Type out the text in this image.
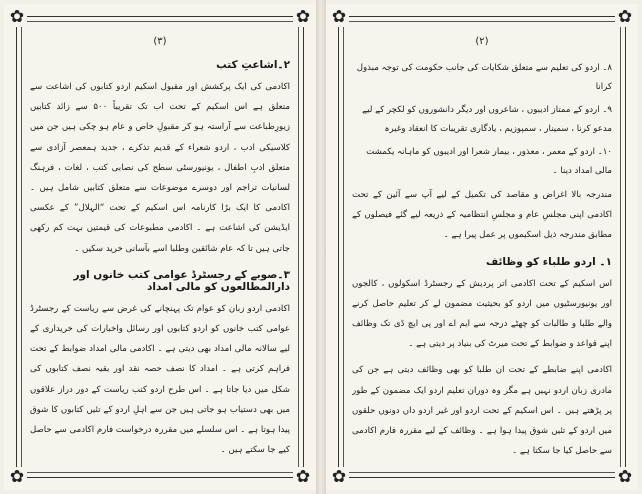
✿	✿
✿	✿
(۳)
۲۔اشاعتِ کتب

اکادمی کی ایک پرکشش اور مقبول اسکیم اردو کتابوں کی اشاعت سے متعلق ہے اس اسکیم کے تحت اب تک تقریباً ۵۰۰ سے زائد کتابیں زیورِطباعت سے آراستہ ہو کر مقبولِ خاص و عام ہو چکی ہیں جن میں کلاسیکی ادب ، اردو شعراء کے قدیم تذکرے ، جدید ہمعصر آزادی سے متعلق ادبِ اطفال ، یونیورسٹی سطح کی نصابی کتب ، لغات ، فرہنگ لسانیات تراجم اور دوسرے موضوعات سے متعلق کتابیں شامل ہیں ۔ اکادمی کا ایک بڑا کارنامہ اس اسکیم کے تحت “الہلال” کے عکسی ایڈیشن کی اشاعت ہے ۔ اکادمی مطبوعات کی قیمتیں بہت کم رکھی جاتی ہیں تا کہ عام شائقین وطلبا اسے بآسانی خرید سکیں ۔

۳۔صوبے کے رجسٹرڈ عوامی کتب خانوں اور دارالمطالعوں کو مالی امداد

اکادمی اردو زبان کو عوام تک پہنچانے کی غرض سے ریاست کے رجسٹرڈ عوامی کتب خانوں کو اردو کتابوں اور رسائل واخبارات کی خریداری کے لیے سالانہ مالی امداد بھی دیتی ہے ۔ اکادمی مالی امداد ضوابط کے تحت فراہم کرتی ہے ۔ امداد کا نصف حصہ نقد اور بقیہ نصف کتابوں کی شکل میں دیا جاتا ہے ۔ اس طرح اردو کتب ریاست کے دور دراز علاقوں میں بھی دستیاب ہو جاتی ہیں جن سے اہلِ اردو کے تئیں کتابوں کا شوق پیدا ہوتا ہے ۔ اس سلسلے میں مقررہ درخواست فارم اکادمی سے حاصل کیے جا سکتے ہیں ۔

✿	✿
✿	✿
(۲)

۸۔ اردو کی تعلیم سے متعلق شکایات کی جانب حکومت کی توجہ مبذول کرانا

۹۔ اردو کے ممتاز ادیبوں ، شاعروں اور دیگر دانشوروں کو لکچر کے لیے مدعو کرنا ، سمینار ، سمپوزیم ، یادگاری تقریبات کا انعقاد وغیرہ

۱۰۔ اردو کے معمر ، معذور ، بیمار شعرا اور ادیبوں کو ماہانہ یکمشت مالی امداد دینا ۔

مندرجہ بالا اغراض و مقاصد کی تکمیل کے لیے آپ سے آئین کے تحت اکادمی اپنی مجلسِ عام و مجلسِ انتظامیہ کے ذریعہ لیے گئے فیصلوں کے مطابق مندرجہ ذیل اسکیموں پر عمل پیرا ہے ۔

۱۔ اردو طلباء کو وظائف

اس اسکیم کے تحت اکادمی اتر پردیش کے رجسٹرڈ اسکولوں ، کالجوں اور یونیورسٹیوں میں اردو کو بحیثیت مضمون لے کر تعلیم حاصل کرنے والے طلبا و طالبات کو چھٹے درجہ سے ایم اے اور پی ایچ ڈی تک وظائف اپنے قواعد و ضوابط کے تحت میرٹ کی بنیاد پر دیتی ہے ۔

اکادمی اپنے ضابطے کے تحت ان طلبا کو بھی وظائف دیتی ہے جن کی مادری زبان اردو نہیں ہے مگر وہ دوران تعلیم اردو ایک مضمون کے طور پر پڑھتے ہیں ۔ اس اسکیم کے تحت اردو اور غیر اردو داں دونوں حلقوں میں اردو کے تئیں شوق پیدا ہوا ہے ۔ وظائف کے لیے مقررہ فارم اکادمی سے حاصل کیا جا سکتا ہے ۔
